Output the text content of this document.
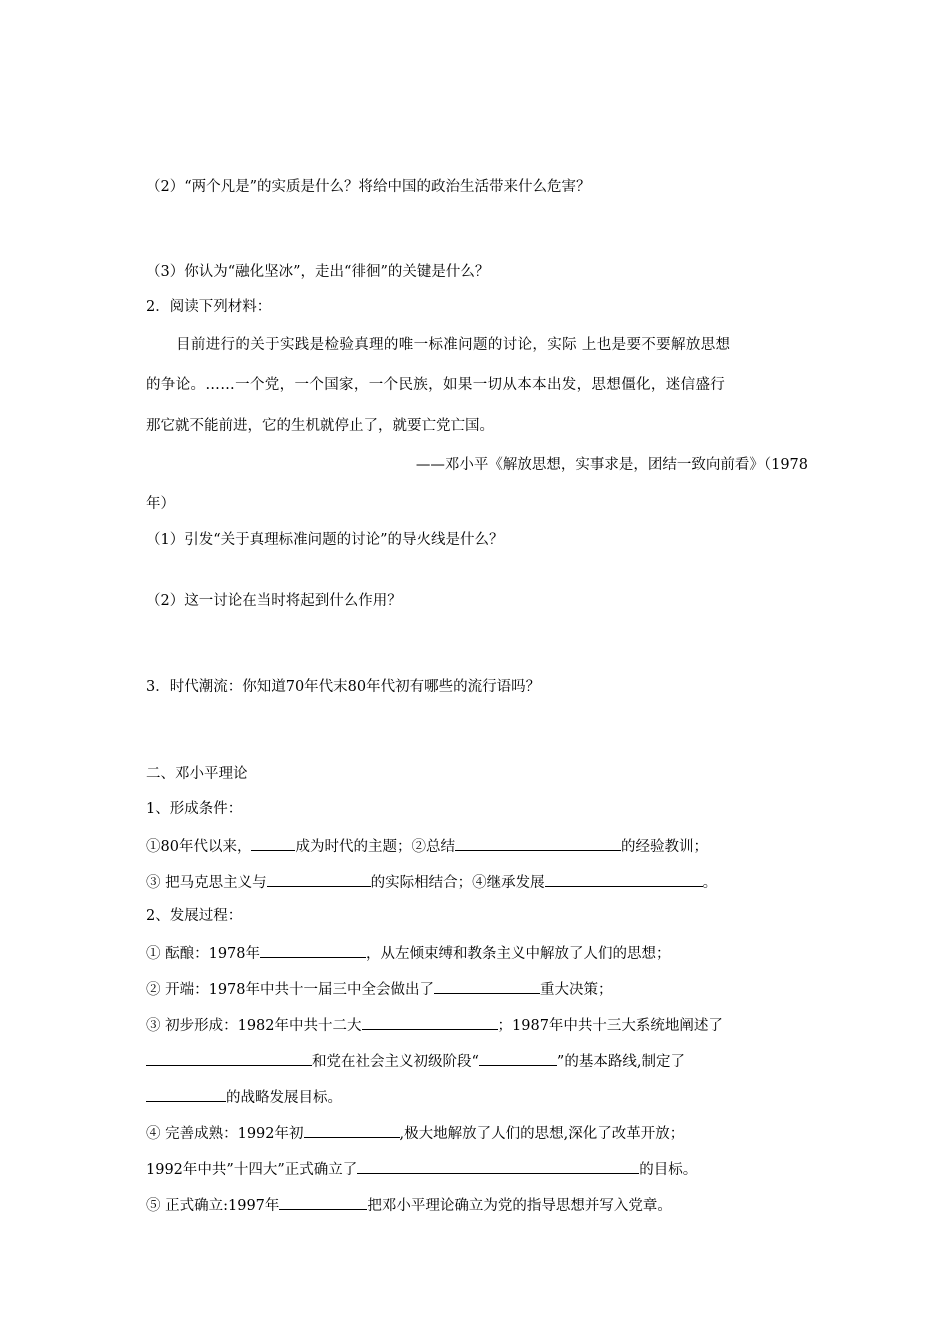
（2）“两个凡是”的实质是什么？将给中国的政治生活带来什么危害？
（3）你认为“融化坚冰”，走出“徘徊”的关键是什么？
2．阅读下列材料：
目前进行的关于实践是检验真理的唯一标准问题的讨论，实际 上也是要不要解放思想
的争论。……一个党，一个国家，一个民族，如果一切从本本出发，思想僵化，迷信盛行
那它就不能前进，它的生机就停止了，就要亡党亡国。
——邓小平《解放思想，实事求是，团结一致向前看》（1978
年）
（1）引发“关于真理标准问题的讨论”的导火线是什么？
（2）这一讨论在当时将起到什么作用？
3．时代潮流：你知道70年代末80年代初有哪些的流行语吗？
二、邓小平理论
1、形成条件：
①80年代以来，	成为时代的主题；②总结	的经验教训；
③ 把马克思主义与	的实际相结合；④继承发展	。
2、发展过程：
① 酝酿：1978年	，从左倾束缚和教条主义中解放了人们的思想；
② 开端：1978年中共十一届三中全会做出了	重大决策；
③ 初步形成：1982年中共十二大	；1987年中共十三大系统地阐述了
和党在社会主义初级阶段“	”的基本路线,制定了
的战略发展目标。
④ 完善成熟：1992年初	,极大地解放了人们的思想,深化了改革开放；
1992年中共”十四大”正式确立了	的目标。
⑤ 正式确立:1997年	把邓小平理论确立为党的指导思想并写入党章。
